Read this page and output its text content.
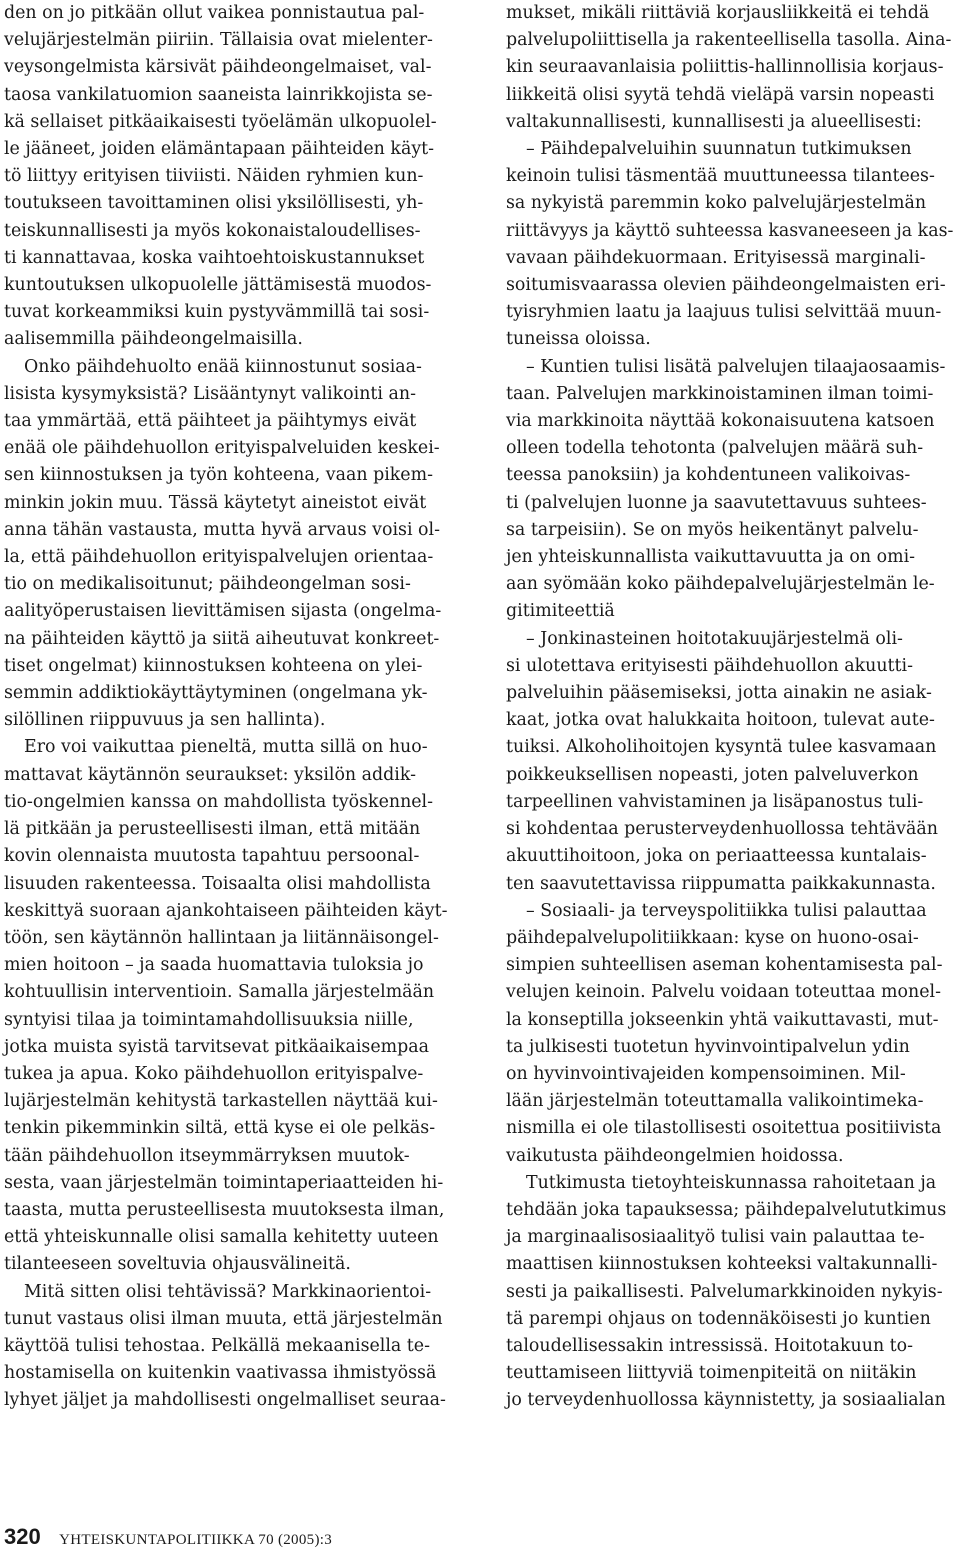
den on jo pitkään ollut vaikea ponnistautua pal-
velujärjestelmän piiriin. Tällaisia ovat mielenter-
veysongelmista kärsivät päihdeongelmaiset, val-
taosa vankilatuomion saaneista lainrikkojista se-
kä sellaiset pitkäaikaisesti työelämän ulkopuolel-
le jääneet, joiden elämäntapaan päihteiden käyt-
tö liittyy erityisen tiiviisti. Näiden ryhmien kun-
toutukseen tavoittaminen olisi yksilöllisesti, yh-
teiskunnallisesti ja myös kokonaistaloudellises-
ti kannattavaa, koska vaihtoehtoiskustannukset
kuntoutuksen ulkopuolelle jättämisestä muodos-
tuvat korkeammiksi kuin pystyvämmillä tai sosi-
aalisemmilla päihdeongelmaisilla.

Onko päihdehuolto enää kiinnostunut sosiaa-
lisista kysymyksistä? Lisääntynyt valikointi an-
taa ymmärtää, että päihteet ja päihtymys eivät
enää ole päihdehuollon erityispalveluiden keskei-
sen kiinnostuksen ja työn kohteena, vaan pikem-
minkin jokin muu. Tässä käytetyt aineistot eivät
anna tähän vastausta, mutta hyvä arvaus voisi ol-
la, että päihdehuollon erityispalvelujen orientaa-
tio on medikalisoitunut; päihdeongelman sosi-
aalityöperustaisen lievittämisen sijasta (ongelma-
na päihteiden käyttö ja siitä aiheutuvat konkreet-
tiset ongelmat) kiinnostuksen kohteena on ylei-
semmin addiktiokäyttäytyminen (ongelmana yk-
silöllinen riippuvuus ja sen hallinta).

Ero voi vaikuttaa pieneltä, mutta sillä on huo-
mattavat käytännön seuraukset: yksilön addik-
tio-ongelmien kanssa on mahdollista työskennel-
lä pitkään ja perusteellisesti ilman, että mitään
kovin olennaista muutosta tapahtuu persoonal-
lisuuden rakenteessa. Toisaalta olisi mahdollista
keskittyä suoraan ajankohtaiseen päihteiden käyt-
töön, sen käytännön hallintaan ja liitännäisongel-
mien hoitoon – ja saada huomattavia tuloksia jo
kohtuullisin interventioin. Samalla järjestelmään
syntyisi tilaa ja toimintamahdollisuuksia niille,
jotka muista syistä tarvitsevat pitkäaikaisempaa
tukea ja apua. Koko päihdehuollon erityispalve-
lujärjestelmän kehitystä tarkastellen näyttää kui-
tenkin pikemminkin siltä, että kyse ei ole pelkäs-
tään päihdehuollon itseymmärryksen muutok-
sesta, vaan järjestelmän toimintaperiaatteiden hi-
taasta, mutta perusteellisesta muutoksesta ilman,
että yhteiskunnalle olisi samalla kehitetty uuteen
tilanteeseen soveltuvia ohjausvälineitä.

Mitä sitten olisi tehtävissä? Markkinaorientoi-
tunut vastaus olisi ilman muuta, että järjestelmän
käyttöä tulisi tehostaa. Pelkällä mekaanisella te-
hostamisella on kuitenkin vaativassa ihmistyössä
lyhyet jäljet ja mahdollisesti ongelmalliset seuraa-

mukset, mikäli riittäviä korjausliikkeitä ei tehdä
palvelupoliittisella ja rakenteellisella tasolla. Aina-
kin seuraavanlaisia poliittis-hallinnollisia korjaus-
liikkeitä olisi syytä tehdä vieläpä varsin nopeasti
valtakunnallisesti, kunnallisesti ja alueellisesti:

– Päihdepalveluihin suunnatun tutkimuksen
keinoin tulisi täsmentää muuttuneessa tilantees-
sa nykyistä paremmin koko palvelujärjestelmän
riittävyys ja käyttö suhteessa kasvaneeseen ja kas-
vavaan päihdekuormaan. Erityisessä marginali-
soitumisvaarassa olevien päihdeongelmaisten eri-
tyisryhmien laatu ja laajuus tulisi selvittää muun-
tuneissa oloissa.

– Kuntien tulisi lisätä palvelujen tilaajaosaamis-
taan. Palvelujen markkinoistaminen ilman toimi-
via markkinoita näyttää kokonaisuutena katsoen
olleen todella tehotonta (palvelujen määrä suh-
teessa panoksiin) ja kohdentuneen valikoivas-
ti (palvelujen luonne ja saavutettavuus suhtees-
sa tarpeisiin). Se on myös heikentänyt palvelu-
jen yhteiskunnallista vaikuttavuutta ja on omi-
aan syömään koko päihdepalvelujärjestelmän le-
gitimiteettiä

– Jonkinasteinen hoitotakuujärjestelmä oli-
si ulotettava erityisesti päihdehuollon akuutti-
palveluihin pääsemiseksi, jotta ainakin ne asiak-
kaat, jotka ovat halukkaita hoitoon, tulevat aute-
tuiksi. Alkoholihoitojen kysyntä tulee kasvamaan
poikkeuksellisen nopeasti, joten palveluverkon
tarpeellinen vahvistaminen ja lisäpanostus tuli-
si kohdentaa perusterveydenhuollossa tehtävään
akuuttihoitoon, joka on periaatteessa kuntalais-
ten saavutettavissa riippumatta paikkakunnasta.

– Sosiaali- ja terveyspolitiikka tulisi palauttaa
päihdepalvelupolitiikkaan: kyse on huono-osai-
simpien suhteellisen aseman kohentamisesta pal-
velujen keinoin. Palvelu voidaan toteuttaa monel-
la konseptilla jokseenkin yhtä vaikuttavasti, mut-
ta julkisesti tuotetun hyvinvointipalvelun ydin
on hyvinvointivajeiden kompensoiminen. Mil-
lään järjestelmän toteuttamalla valikointimeka-
nismilla ei ole tilastollisesti osoitettua positiivista
vaikutusta päihdeongelmien hoidossa.

Tutkimusta tietoyhteiskunnassa rahoitetaan ja
tehdään joka tapauksessa; päihdepalvelututkimus
ja marginaalisosiaalityö tulisi vain palauttaa te-
maattisen kiinnostuksen kohteeksi valtakunnalli-
sesti ja paikallisesti. Palvelumarkkinoiden nykyis-
tä parempi ohjaus on todennäköisesti jo kuntien
taloudellisessakin intressissä. Hoitotakuun to-
teuttamiseen liittyviä toimenpiteitä on niitäkin
jo terveydenhuollossa käynnistetty, ja sosiaalialan

320 YHTEISKUNTAPOLITIIKKA 70 (2005):3
